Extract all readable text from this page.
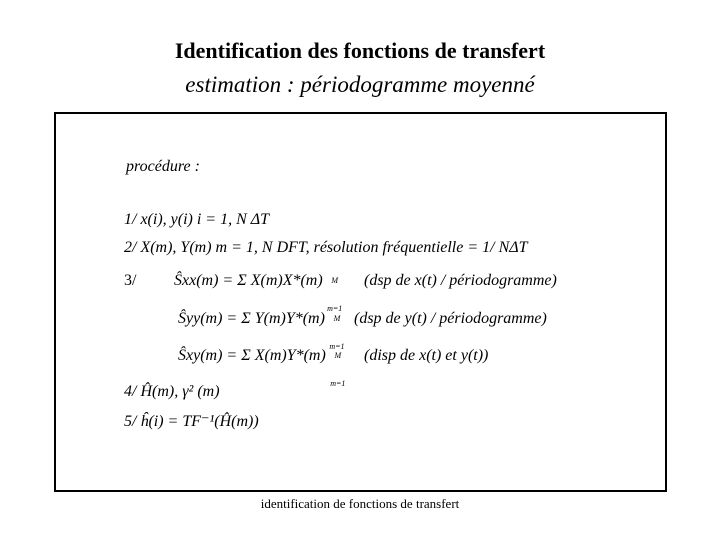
Identification des fonctions de transfert
estimation : périodogramme moyenné
procédure :
1/ x(i), y(i) i = 1, N ΔT
2/ X(m), Y(m) m = 1, N DFT, résolution fréquentielle = 1/ NΔT
3/ Ŝxx(m) = Σ X(m)X*(m)	M
m=1
(dsp de x(t) / périodogramme)
Ŝyy(m) = Σ Y(m)Y*(m)	M
m=1
(dsp de y(t) / périodogramme)
Ŝxy(m) = Σ X(m)Y*(m)	M
m=1
(disp de x(t) et y(t))
4/ Ĥ(m), γ² (m)
5/ ĥ(i) = TF⁻¹(Ĥ(m))
identification de fonctions de transfert
